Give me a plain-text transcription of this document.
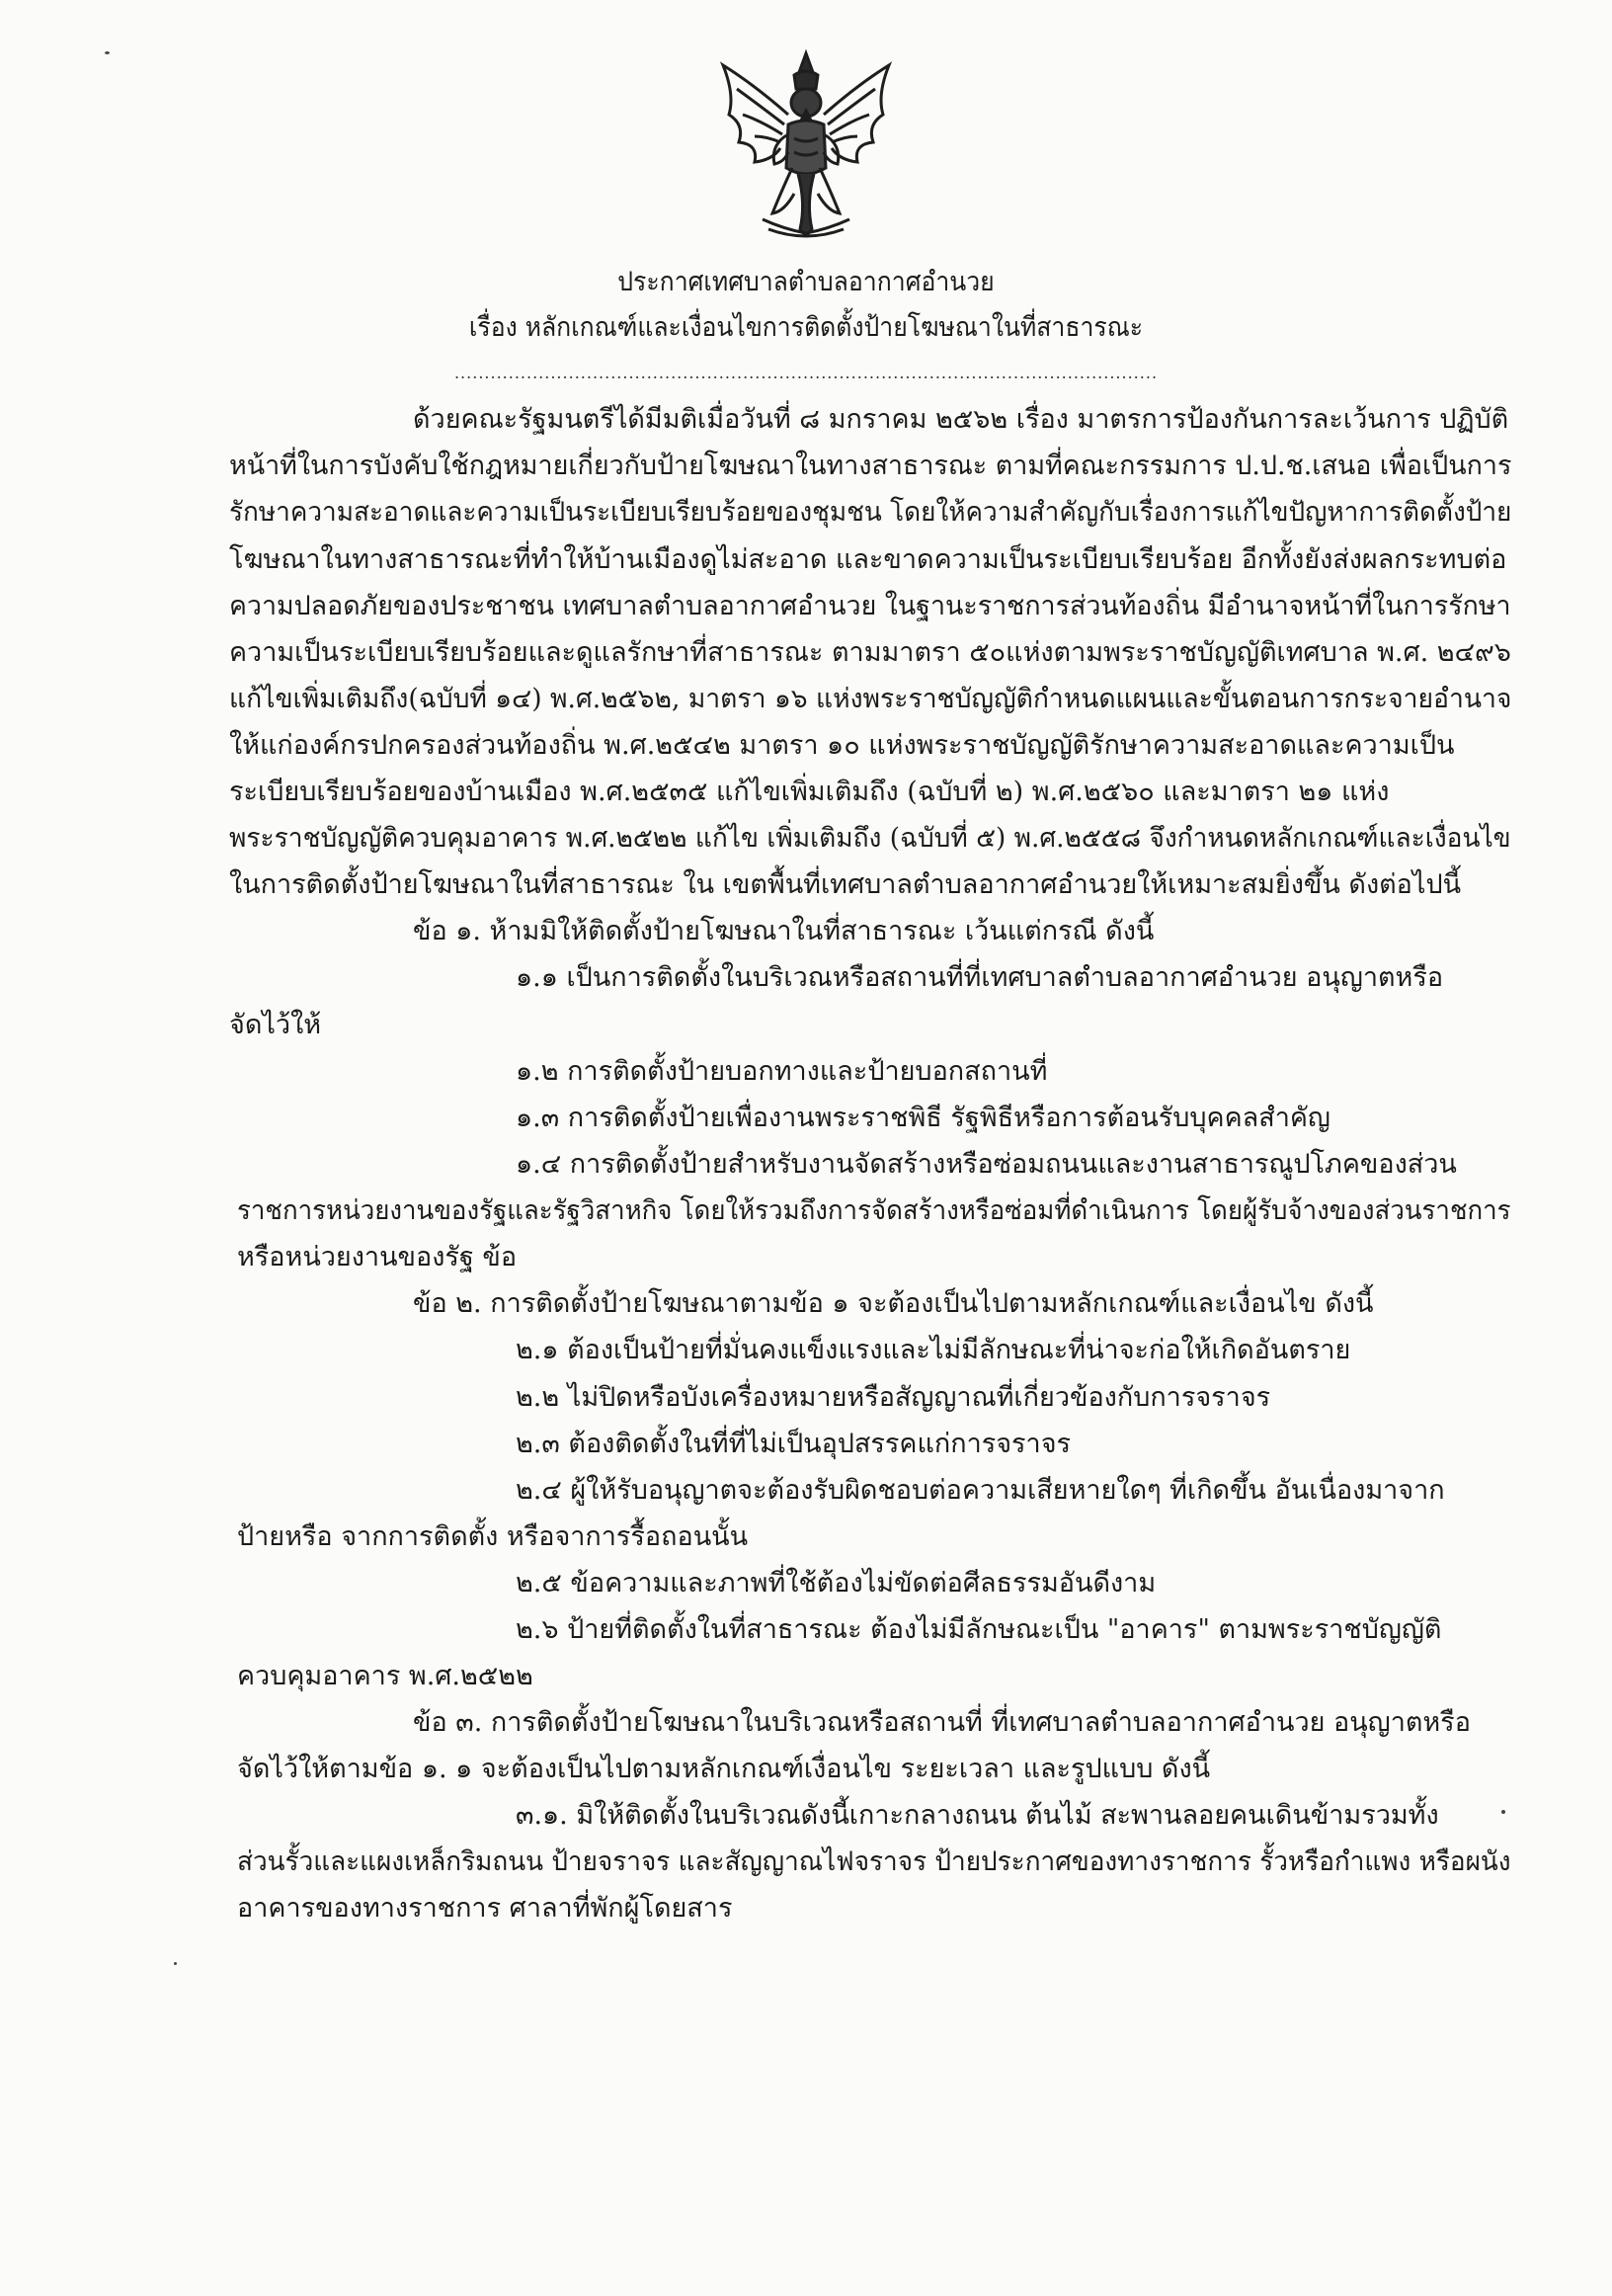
ประกาศเทศบาลตำบลอากาศอำนวย
เรื่อง หลักเกณฑ์และเงื่อนไขการติดตั้งป้ายโฆษณาในที่สาธารณะ
.....................................................................................................................
ด้วยคณะรัฐมนตรีได้มีมติเมื่อวันที่ ๘ มกราคม ๒๕๖๒ เรื่อง มาตรการป้องกันการละเว้นการ ปฏิบัติ
หน้าที่ในการบังคับใช้กฎหมายเกี่ยวกับป้ายโฆษณาในทางสาธารณะ ตามที่คณะกรรมการ ป.ป.ช.เสนอ เพื่อเป็นการ
รักษาความสะอาดและความเป็นระเบียบเรียบร้อยของชุมชน โดยให้ความสำคัญกับเรื่องการแก้ไขปัญหาการติดตั้งป้าย
โฆษณาในทางสาธารณะที่ทำให้บ้านเมืองดูไม่สะอาด และขาดความเป็นระเบียบเรียบร้อย อีกทั้งยังส่งผลกระทบต่อ
ความปลอดภัยของประชาชน เทศบาลตำบลอากาศอำนวย ในฐานะราชการส่วนท้องถิ่น มีอำนาจหน้าที่ในการรักษา
ความเป็นระเบียบเรียบร้อยและดูแลรักษาที่สาธารณะ ตามมาตรา ๕๐แห่งตามพระราชบัญญัติเทศบาล พ.ศ. ๒๔๙๖
แก้ไขเพิ่มเติมถึง(ฉบับที่ ๑๔) พ.ศ.๒๕๖๒, มาตรา ๑๖ แห่งพระราชบัญญัติกำหนดแผนและขั้นตอนการกระจายอำนาจ
ให้แก่องค์กรปกครองส่วนท้องถิ่น พ.ศ.๒๕๔๒ มาตรา ๑๐ แห่งพระราชบัญญัติรักษาความสะอาดและความเป็น
ระเบียบเรียบร้อยของบ้านเมือง พ.ศ.๒๕๓๕ แก้ไขเพิ่มเติมถึง (ฉบับที่ ๒) พ.ศ.๒๕๖๐ และมาตรา ๒๑ แห่ง
พระราชบัญญัติควบคุมอาคาร พ.ศ.๒๕๒๒ แก้ไข เพิ่มเติมถึง (ฉบับที่ ๕) พ.ศ.๒๕๕๘ จึงกำหนดหลักเกณฑ์และเงื่อนไข
ในการติดตั้งป้ายโฆษณาในที่สาธารณะ ใน เขตพื้นที่เทศบาลตำบลอากาศอำนวยให้เหมาะสมยิ่งขึ้น ดังต่อไปนี้
ข้อ ๑. ห้ามมิให้ติดตั้งป้ายโฆษณาในที่สาธารณะ เว้นแต่กรณี ดังนี้
๑.๑ เป็นการติดตั้งในบริเวณหรือสถานที่ที่เทศบาลตำบลอากาศอำนวย อนุญาตหรือ
จัดไว้ให้
๑.๒ การติดตั้งป้ายบอกทางและป้ายบอกสถานที่
๑.๓ การติดตั้งป้ายเพื่องานพระราชพิธี รัฐพิธีหรือการต้อนรับบุคคลสำคัญ
๑.๔ การติดตั้งป้ายสำหรับงานจัดสร้างหรือซ่อมถนนและงานสาธารณูปโภคของส่วน
ราชการหน่วยงานของรัฐและรัฐวิสาหกิจ โดยให้รวมถึงการจัดสร้างหรือซ่อมที่ดำเนินการ โดยผู้รับจ้างของส่วนราชการ
หรือหน่วยงานของรัฐ ข้อ
ข้อ ๒. การติดตั้งป้ายโฆษณาตามข้อ ๑ จะต้องเป็นไปตามหลักเกณฑ์และเงื่อนไข ดังนี้
๒.๑ ต้องเป็นป้ายที่มั่นคงแข็งแรงและไม่มีลักษณะที่น่าจะก่อให้เกิดอันตราย
๒.๒ ไม่ปิดหรือบังเครื่องหมายหรือสัญญาณที่เกี่ยวข้องกับการจราจร
๒.๓ ต้องติดตั้งในที่ที่ไม่เป็นอุปสรรคแก่การจราจร
๒.๔ ผู้ให้รับอนุญาตจะต้องรับผิดชอบต่อความเสียหายใดๆ ที่เกิดขึ้น อันเนื่องมาจาก
ป้ายหรือ จากการติดตั้ง หรือจาการรื้อถอนนั้น
๒.๕ ข้อความและภาพที่ใช้ต้องไม่ขัดต่อศีลธรรมอันดีงาม
๒.๖ ป้ายที่ติดตั้งในที่สาธารณะ ต้องไม่มีลักษณะเป็น "อาคาร" ตามพระราชบัญญัติ
ควบคุมอาคาร พ.ศ.๒๕๒๒
ข้อ ๓. การติดตั้งป้ายโฆษณาในบริเวณหรือสถานที่ ที่เทศบาลตำบลอากาศอำนวย อนุญาตหรือ
จัดไว้ให้ตามข้อ ๑. ๑ จะต้องเป็นไปตามหลักเกณฑ์เงื่อนไข ระยะเวลา และรูปแบบ ดังนี้
๓.๑. มิให้ติดตั้งในบริเวณดังนี้เกาะกลางถนน ต้นไม้ สะพานลอยคนเดินข้ามรวมทั้ง
ส่วนรั้วและแผงเหล็กริมถนน ป้ายจราจร และสัญญาณไฟจราจร ป้ายประกาศของทางราชการ รั้วหรือกำแพง หรือผนัง
อาคารของทางราชการ ศาลาที่พักผู้โดยสาร
